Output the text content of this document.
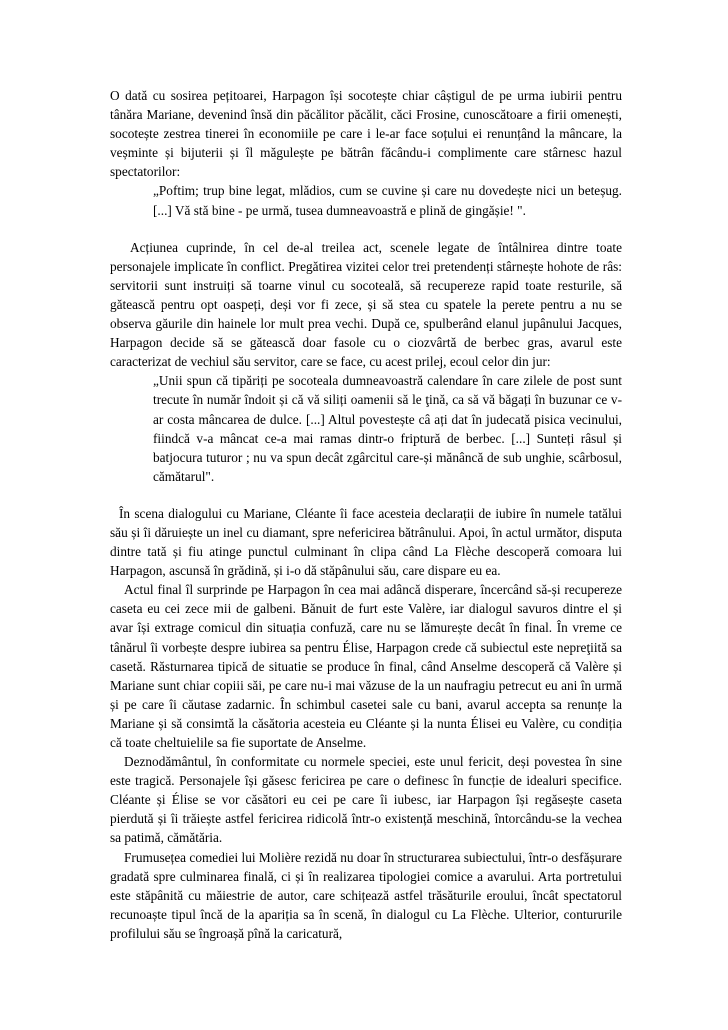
O dată cu sosirea pețitoarei, Harpagon își socotește chiar câștigul de pe urma iubirii pentru tânăra Mariane, devenind însă din păcălitor păcălit, căci Frosine, cunoscătoare a firii omenești, socotește zestrea tinerei în economiile pe care i le-ar face soțului ei renunțând la mâncare, la veșminte și bijuterii și îl măgulește pe bătrân făcându-i complimente care stârnesc hazul spectatorilor:

„Poftim; trup bine legat, mlădios, cum se cuvine și care nu dovedește nici un beteșug. [...] Vă stă bine - pe urmă, tusea dumneavoastră e plină de gingășie! ".

Acțiunea cuprinde, în cel de-al treilea act, scenele legate de întâlnirea dintre toate personajele implicate în conflict. Pregătirea vizitei celor trei pretendenți stârnește hohote de râs: servitorii sunt instruiți să toarne vinul cu socoteală, să recupereze rapid toate resturile, să gătească pentru opt oaspeți, deși vor fi zece, și să stea cu spatele la perete pentru a nu se observa găurile din hainele lor mult prea vechi. După ce, spulberând elanul jupânului Jacques, Harpagon decide să se gătească doar fasole cu o ciozvârtă de berbec gras, avarul este caracterizat de vechiul său servitor, care se face, cu acest prilej, ecoul celor din jur:

„Unii spun că tipăriți pe socoteala dumneavoastră calendare în care zilele de post sunt trecute în număr îndoit și că vă siliți oamenii să le ţină, ca să vă băgați în buzunar ce v-ar costa mâncarea de dulce. [...] Altul povestește câ ați dat în judecată pisica vecinului, fiindcă v-a mâncat ce-a mai ramas dintr-o friptură de berbec. [...] Sunteți râsul și batjocura tuturor ; nu va spun decât zgârcitul care-și mănâncă de sub unghie, scârbosul, cămătarul".

În scena dialogului cu Mariane, Cléante îi face acesteia declarații de iubire în numele tatălui său și îi dăruiește un inel cu diamant, spre nefericirea bătrânului. Apoi, în actul următor, disputa dintre tată și fiu atinge punctul culminant în clipa când La Flèche descoperă comoara lui Harpagon, ascunsă în grădină, și i-o dă stăpânului său, care dispare eu ea.

Actul final îl surprinde pe Harpagon în cea mai adâncă disperare, încercând să-și recupereze caseta eu cei zece mii de galbeni. Bănuit de furt este Valère, iar dialogul savuros dintre el și avar își extrage comicul din situația confuză, care nu se lămurește decât în final. În vreme ce tânărul îi vorbește despre iubirea sa pentru Élise, Harpagon crede că subiectul este nepreţiită sa casetă. Răsturnarea tipică de situatie se produce în final, când Anselme descoperă că Valère și Mariane sunt chiar copiii săi, pe care nu-i mai văzuse de la un naufragiu petrecut eu ani în urmă și pe care îi căutase zadarnic. În schimbul casetei sale cu bani, avarul accepta sa renunțe la Mariane și să consimtă la căsătoria acesteia eu Cléante și la nunta Élisei eu Valère, cu condiția că toate cheltuielile sa fie suportate de Anselme.

Deznodământul, în conformitate cu normele speciei, este unul fericit, deși povestea în sine este tragică. Personajele își găsesc fericirea pe care o definesc în funcție de idealuri specifice. Cléante și Élise se vor căsători eu cei pe care îi iubesc, iar Harpagon își regăsește caseta pierdută și îi trăiește astfel fericirea ridicolă într-o existență meschină, întorcându-se la vechea sa patimă, cămătăria.

Frumusețea comediei lui Molière rezidă nu doar în structurarea subiectului, într-o desfășurare gradată spre culminarea finală, ci și în realizarea tipologiei comice a avarului. Arta portretului este stăpânită cu măiestrie de autor, care schițează astfel trăsăturile eroului, încât spectatorul recunoaște tipul încă de la apariția sa în scenă, în dialogul cu La Flèche. Ulterior, contururile profilului său se îngroașă pînă la caricatură,
